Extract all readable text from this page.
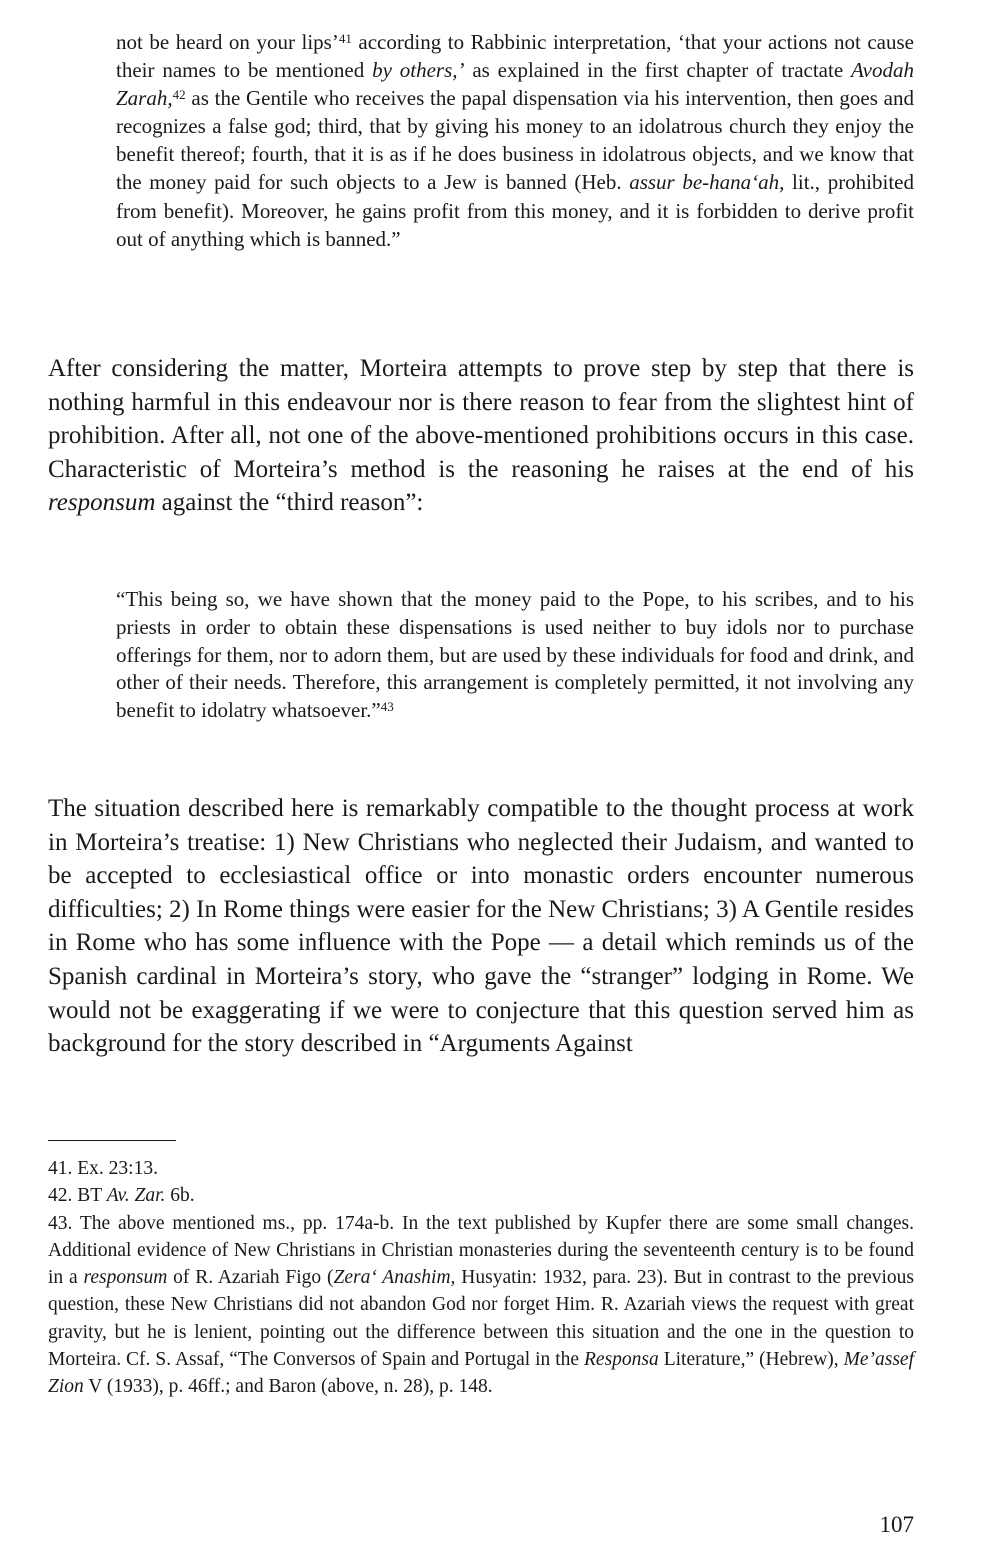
not be heard on your lips’$^{41}$ according to Rabbinic interpretation, ‘that your actions not cause their names to be mentioned by others,’ as explained in the first chapter of tractate Avodah Zarah,$^{42}$ as the Gentile who receives the papal dispensation via his intervention, then goes and recognizes a false god; third, that by giving his money to an idolatrous church they enjoy the benefit thereof; fourth, that it is as if he does business in idolatrous objects, and we know that the money paid for such objects to a Jew is banned (Heb. assur be-hana‘ah, lit., prohibited from benefit). Moreover, he gains profit from this money, and it is forbidden to derive profit out of anything which is banned.”

After considering the matter, Morteira attempts to prove step by step that there is nothing harmful in this endeavour nor is there reason to fear from the slightest hint of prohibition. After all, not one of the above-mentioned prohibitions occurs in this case. Characteristic of Morteira’s method is the reasoning he raises at the end of his responsum against the “third reason”:

“This being so, we have shown that the money paid to the Pope, to his scribes, and to his priests in order to obtain these dispensations is used neither to buy idols nor to purchase offerings for them, nor to adorn them, but are used by these individuals for food and drink, and other of their needs. Therefore, this arrangement is completely permitted, it not involving any benefit to idolatry whatsoever.”$^{43}$

The situation described here is remarkably compatible to the thought process at work in Morteira’s treatise: 1) New Christians who neglected their Judaism, and wanted to be accepted to ecclesiastical office or into monastic orders encounter numerous difficulties; 2) In Rome things were easier for the New Christians; 3) A Gentile resides in Rome who has some influence with the Pope — a detail which reminds us of the Spanish cardinal in Morteira’s story, who gave the “stranger” lodging in Rome. We would not be exaggerating if we were to conjecture that this question served him as background for the story described in “Arguments Against

41. Ex. 23:13.

42. BT Av. Zar. 6b.

43. The above mentioned ms., pp. 174a-b. In the text published by Kupfer there are some small changes. Additional evidence of New Christians in Christian monasteries during the seventeenth century is to be found in a responsum of R. Azariah Figo (Zera‘ Anashim, Husyatin: 1932, para. 23). But in contrast to the previous question, these New Christians did not abandon God nor forget Him. R. Azariah views the request with great gravity, but he is lenient, pointing out the difference between this situation and the one in the question to Morteira. Cf. S. Assaf, “The Conversos of Spain and Portugal in the Responsa Literature,” (Hebrew), Me’assef Zion V (1933), p. 46ff.; and Baron (above, n. 28), p. 148.

107
